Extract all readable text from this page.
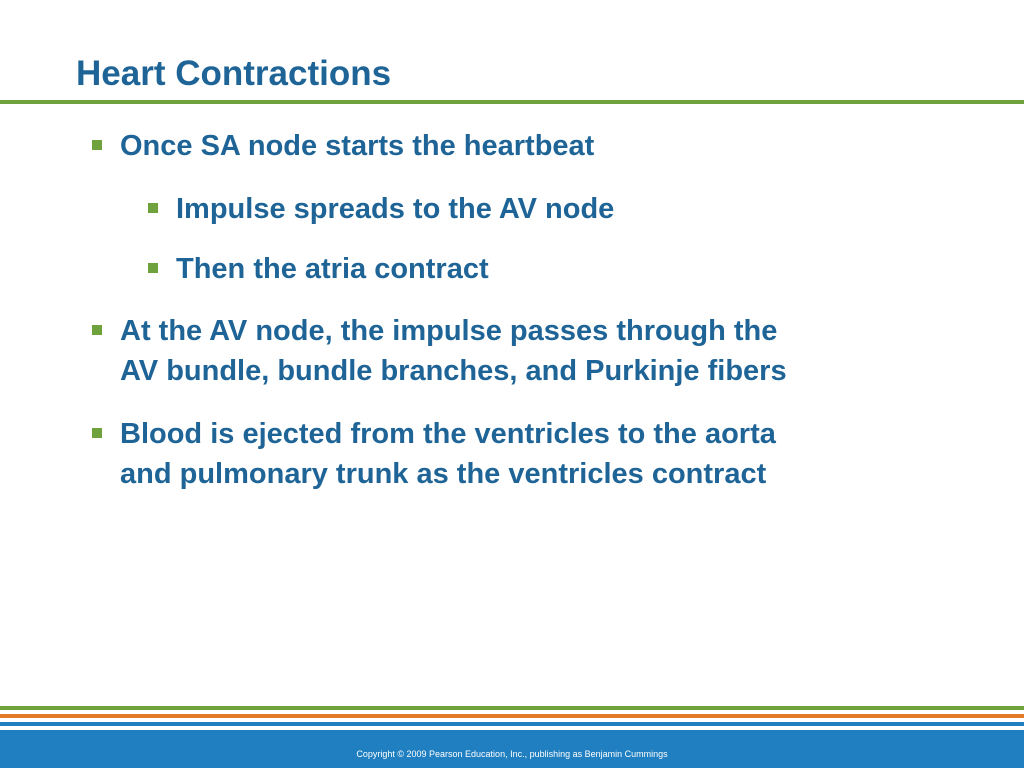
Heart Contractions
Once SA node starts the heartbeat
Impulse spreads to the AV node
Then the atria contract
At the AV node, the impulse passes through the
AV bundle, bundle branches, and Purkinje fibers
Blood is ejected from the ventricles to the aorta
and pulmonary trunk as the ventricles contract
Copyright © 2009 Pearson Education, Inc., publishing as Benjamin Cummings
